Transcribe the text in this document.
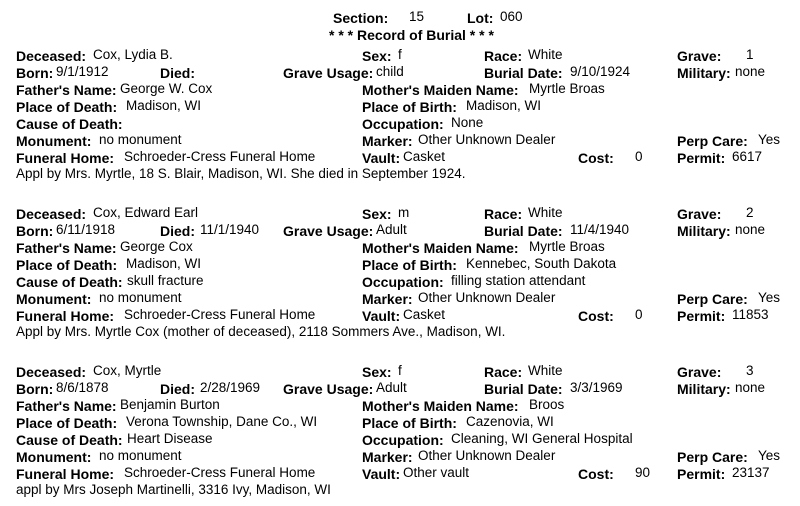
Section: 15	Lot: 060
* * * Record of Burial * * *
Deceased: Cox, Lydia B.	Sex: f	Race: White	Grave: 1
Born: 9/1/1912	Died:	Grave Usage: child	Burial Date: 9/10/1924	Military: none
Father's Name: George W. Cox	Mother's Maiden Name: Myrtle Broas
Place of Death: Madison, WI	Place of Birth: Madison, WI
Cause of Death:	Occupation: None
Monument: no monument	Marker: Other Unknown Dealer	Perp Care: Yes
Funeral Home: Schroeder-Cress Funeral Home	Vault: Casket	Cost: 0 Permit: 6617
Appl by Mrs. Myrtle, 18 S. Blair, Madison, WI. She died in September 1924.
Deceased: Cox, Edward Earl	Sex: m	Race: White	Grave: 2
Born: 6/11/1918	Died: 11/1/1940 Grave Usage: Adult	Burial Date: 11/4/1940	Military: none
Father's Name: George Cox	Mother's Maiden Name: Myrtle Broas
Place of Death: Madison, WI	Place of Birth: Kennebec, South Dakota
Cause of Death: skull fracture	Occupation: filling station attendant
Monument: no monument	Marker: Other Unknown Dealer	Perp Care: Yes
Funeral Home: Schroeder-Cress Funeral Home	Vault: Casket	Cost: 0 Permit: 11853
Appl by Mrs. Myrtle Cox (mother of deceased), 2118 Sommers Ave., Madison, WI.
Deceased: Cox, Myrtle	Sex: f	Race: White	Grave: 3
Born: 8/6/1878	Died: 2/28/1969 Grave Usage: Adult	Burial Date: 3/3/1969	Military: none
Father's Name: Benjamin Burton	Mother's Maiden Name: Broos
Place of Death: Verona Township, Dane Co., WI	Place of Birth: Cazenovia, WI
Cause of Death: Heart Disease	Occupation: Cleaning, WI General Hospital
Monument: no monument	Marker: Other Unknown Dealer	Perp Care: Yes
Funeral Home: Schroeder-Cress Funeral Home	Vault: Other vault	Cost: 90 Permit: 23137
appl by Mrs Joseph Martinelli, 3316 Ivy, Madison, WI
